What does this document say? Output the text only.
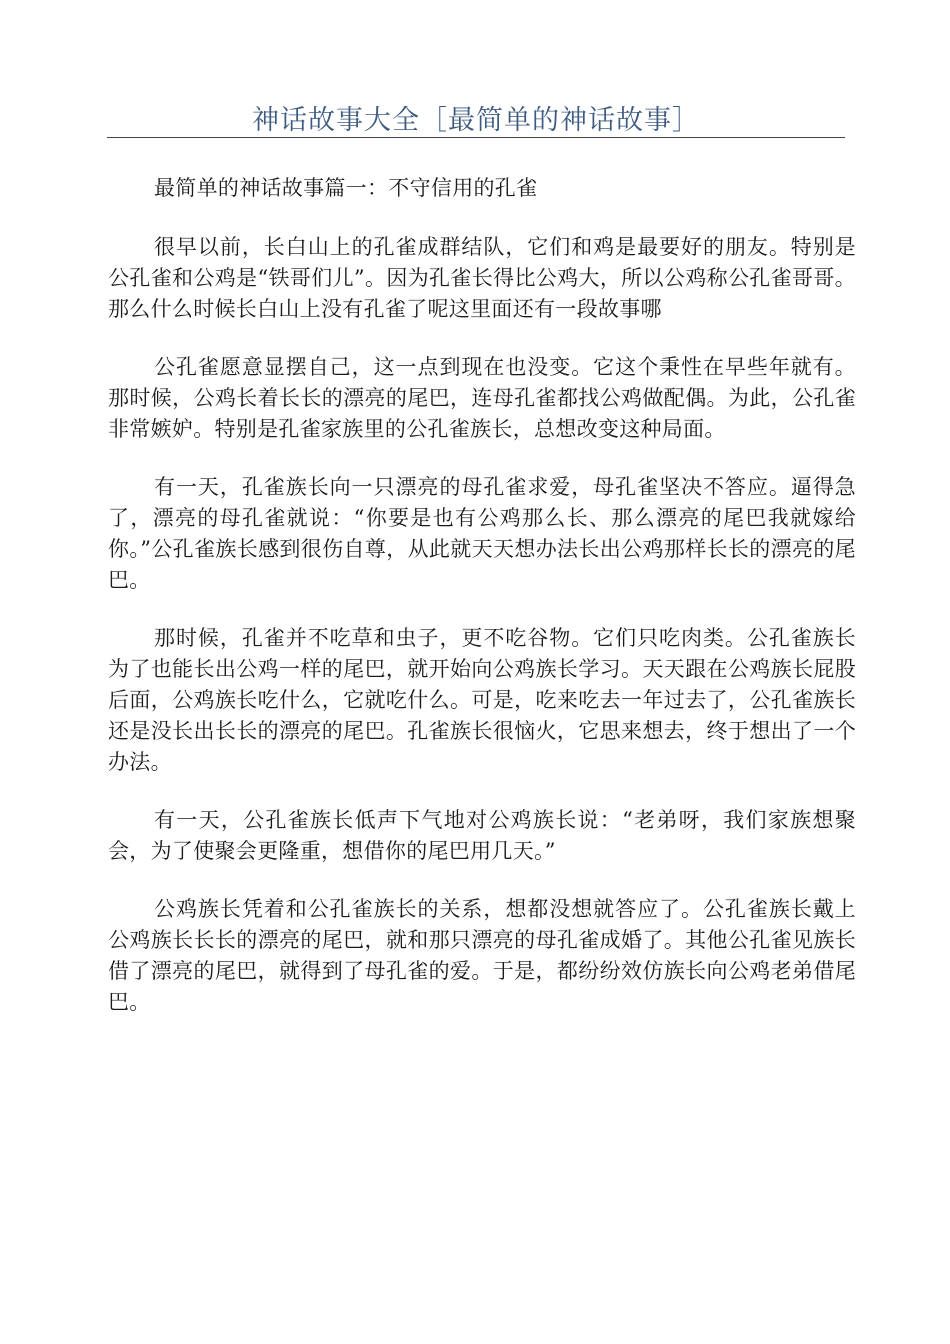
神话故事大全［最简单的神话故事］

最简单的神话故事篇一：不守信用的孔雀

很早以前，长白山上的孔雀成群结队，它们和鸡是最要好的朋友。特别是公孔雀和公鸡是“铁哥们儿”。因为孔雀长得比公鸡大，所以公鸡称公孔雀哥哥。那么什么时候长白山上没有孔雀了呢这里面还有一段故事哪

公孔雀愿意显摆自己，这一点到现在也没变。它这个秉性在早些年就有。那时候，公鸡长着长长的漂亮的尾巴，连母孔雀都找公鸡做配偶。为此，公孔雀非常嫉妒。特别是孔雀家族里的公孔雀族长，总想改变这种局面。

有一天，孔雀族长向一只漂亮的母孔雀求爱，母孔雀坚决不答应。逼得急了，漂亮的母孔雀就说：“你要是也有公鸡那么长、那么漂亮的尾巴我就嫁给你。”公孔雀族长感到很伤自尊，从此就天天想办法长出公鸡那样长长的漂亮的尾巴。

那时候，孔雀并不吃草和虫子，更不吃谷物。它们只吃肉类。公孔雀族长为了也能长出公鸡一样的尾巴，就开始向公鸡族长学习。天天跟在公鸡族长屁股后面，公鸡族长吃什么，它就吃什么。可是，吃来吃去一年过去了，公孔雀族长还是没长出长长的漂亮的尾巴。孔雀族长很恼火，它思来想去，终于想出了一个办法。

有一天，公孔雀族长低声下气地对公鸡族长说：“老弟呀，我们家族想聚会，为了使聚会更隆重，想借你的尾巴用几天。”

公鸡族长凭着和公孔雀族长的关系，想都没想就答应了。公孔雀族长戴上公鸡族长长长的漂亮的尾巴，就和那只漂亮的母孔雀成婚了。其他公孔雀见族长借了漂亮的尾巴，就得到了母孔雀的爱。于是，都纷纷效仿族长向公鸡老弟借尾巴。
